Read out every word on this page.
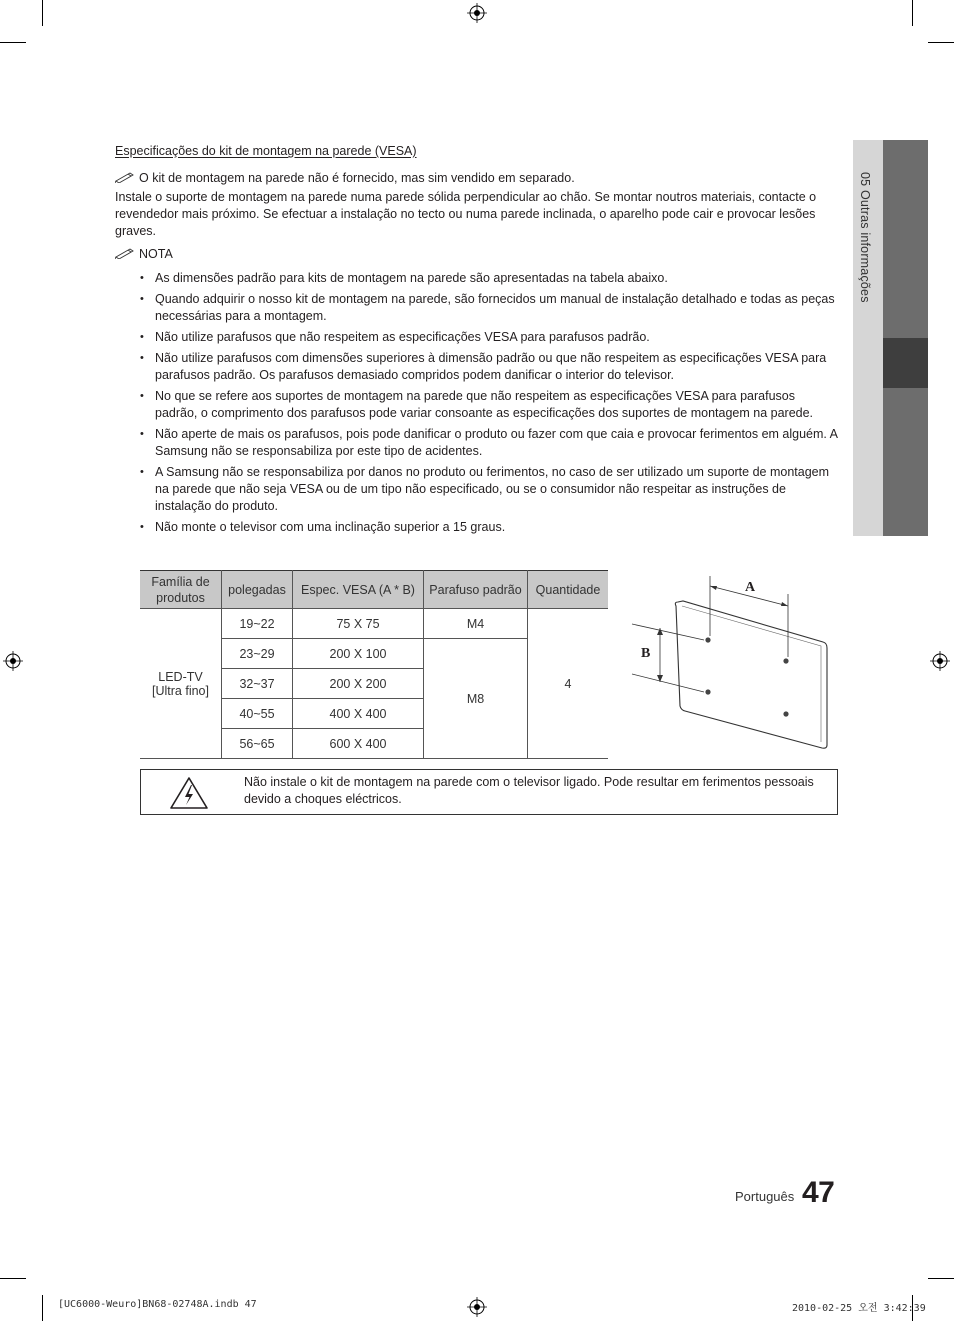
05 Outras informações
Especificações do kit de montagem na parede (VESA)
O kit de montagem na parede não é fornecido, mas sim vendido em separado.
Instale o suporte de montagem na parede numa parede sólida perpendicular ao chão. Se montar noutros materiais, contacte o revendedor mais próximo. Se efectuar a instalação no tecto ou numa parede inclinada, o aparelho pode cair e provocar lesões graves.
NOTA
• As dimensões padrão para kits de montagem na parede são apresentadas na tabela abaixo.
• Quando adquirir o nosso kit de montagem na parede, são fornecidos um manual de instalação detalhado e todas as peças necessárias para a montagem.
• Não utilize parafusos que não respeitem as especificações VESA para parafusos padrão.
• Não utilize parafusos com dimensões superiores à dimensão padrão ou que não respeitem as especificações VESA para parafusos padrão. Os parafusos demasiado compridos podem danificar o interior do televisor.
• No que se refere aos suportes de montagem na parede que não respeitem as especificações VESA para parafusos padrão, o comprimento dos parafusos pode variar consoante as especificações dos suportes de montagem na parede.
• Não aperte de mais os parafusos, pois pode danificar o produto ou fazer com que caia e provocar ferimentos em alguém. A Samsung não se responsabiliza por este tipo de acidentes.
• A Samsung não se responsabiliza por danos no produto ou ferimentos, no caso de ser utilizado um suporte de montagem na parede que não seja VESA ou de um tipo não especificado, ou se o consumidor não respeitar as instruções de instalação do produto.
• Não monte o televisor com uma inclinação superior a 15 graus.
Família de produtos	polegadas	Espec. VESA (A * B)	Parafuso padrão	Quantidade
LED-TV
[Ultra fino]	19~22	75 X 75	M4	4
	23~29	200 X 100	M8	
	32~37	200 X 200		
	40~55	400 X 400		
	56~65	600 X 400		
A
B
Não instale o kit de montagem na parede com o televisor ligado. Pode resultar em ferimentos pessoais devido a choques eléctricos.
Português 47
[UC6000-Weuro]BN68-02748A.indb 47	2010-02-25 오전 3:42:39
